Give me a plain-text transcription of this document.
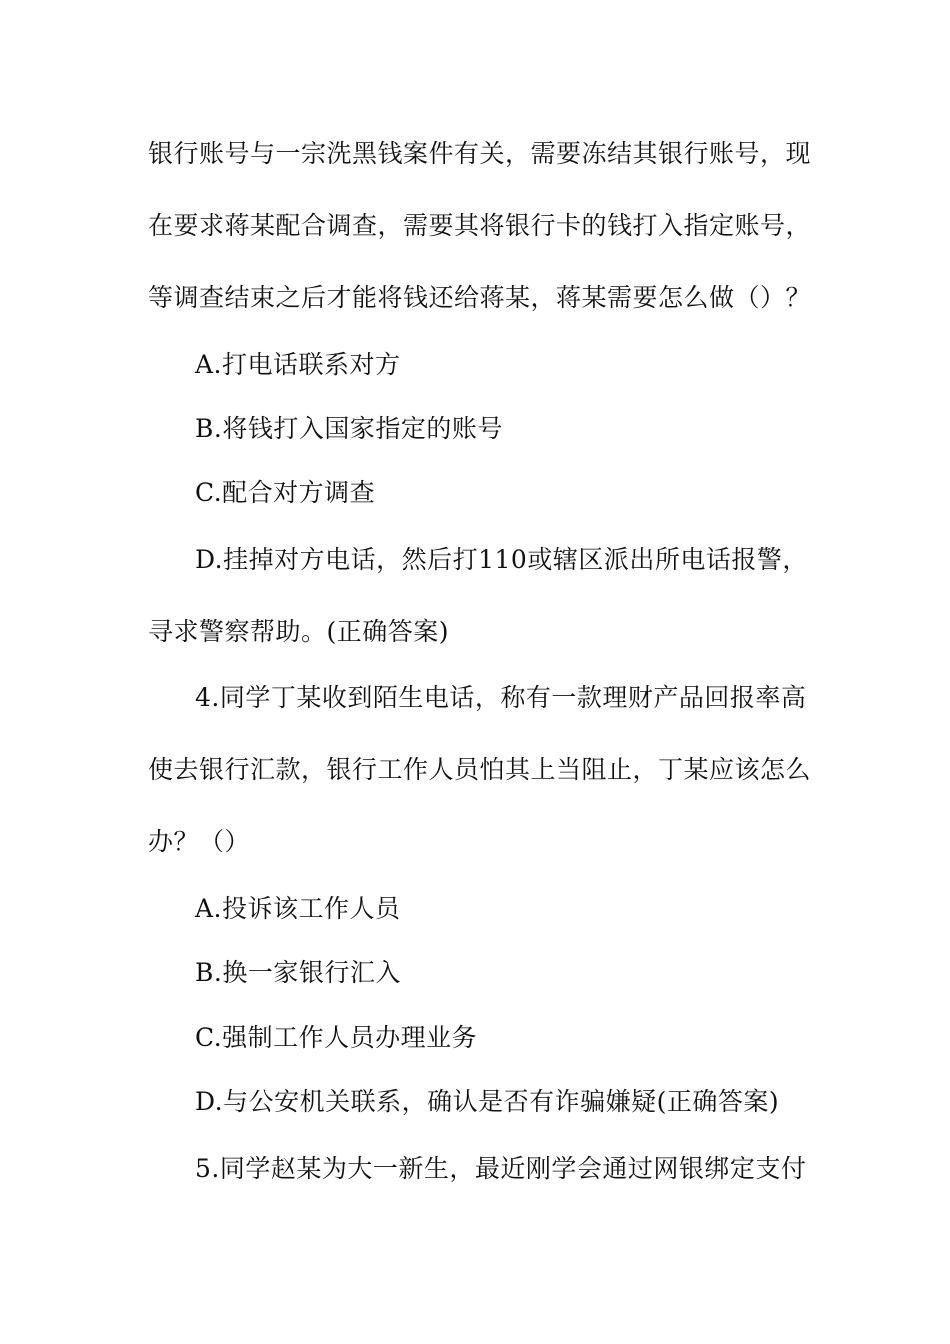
银行账号与一宗洗黑钱案件有关，需要冻结其银行账号，现
在要求蒋某配合调查，需要其将银行卡的钱打入指定账号，
等调查结束之后才能将钱还给蒋某，蒋某需要怎么做（）？
A.打电话联系对方
B.将钱打入国家指定的账号
C.配合对方调查
D.挂掉对方电话，然后打110或辖区派出所电话报警，
寻求警察帮助。(正确答案)
4.同学丁某收到陌生电话，称有一款理财产品回报率高
使去银行汇款，银行工作人员怕其上当阻止，丁某应该怎么
办？（）
A.投诉该工作人员
B.换一家银行汇入
C.强制工作人员办理业务
D.与公安机关联系，确认是否有诈骗嫌疑(正确答案)
5.同学赵某为大一新生，最近刚学会通过网银绑定支付
